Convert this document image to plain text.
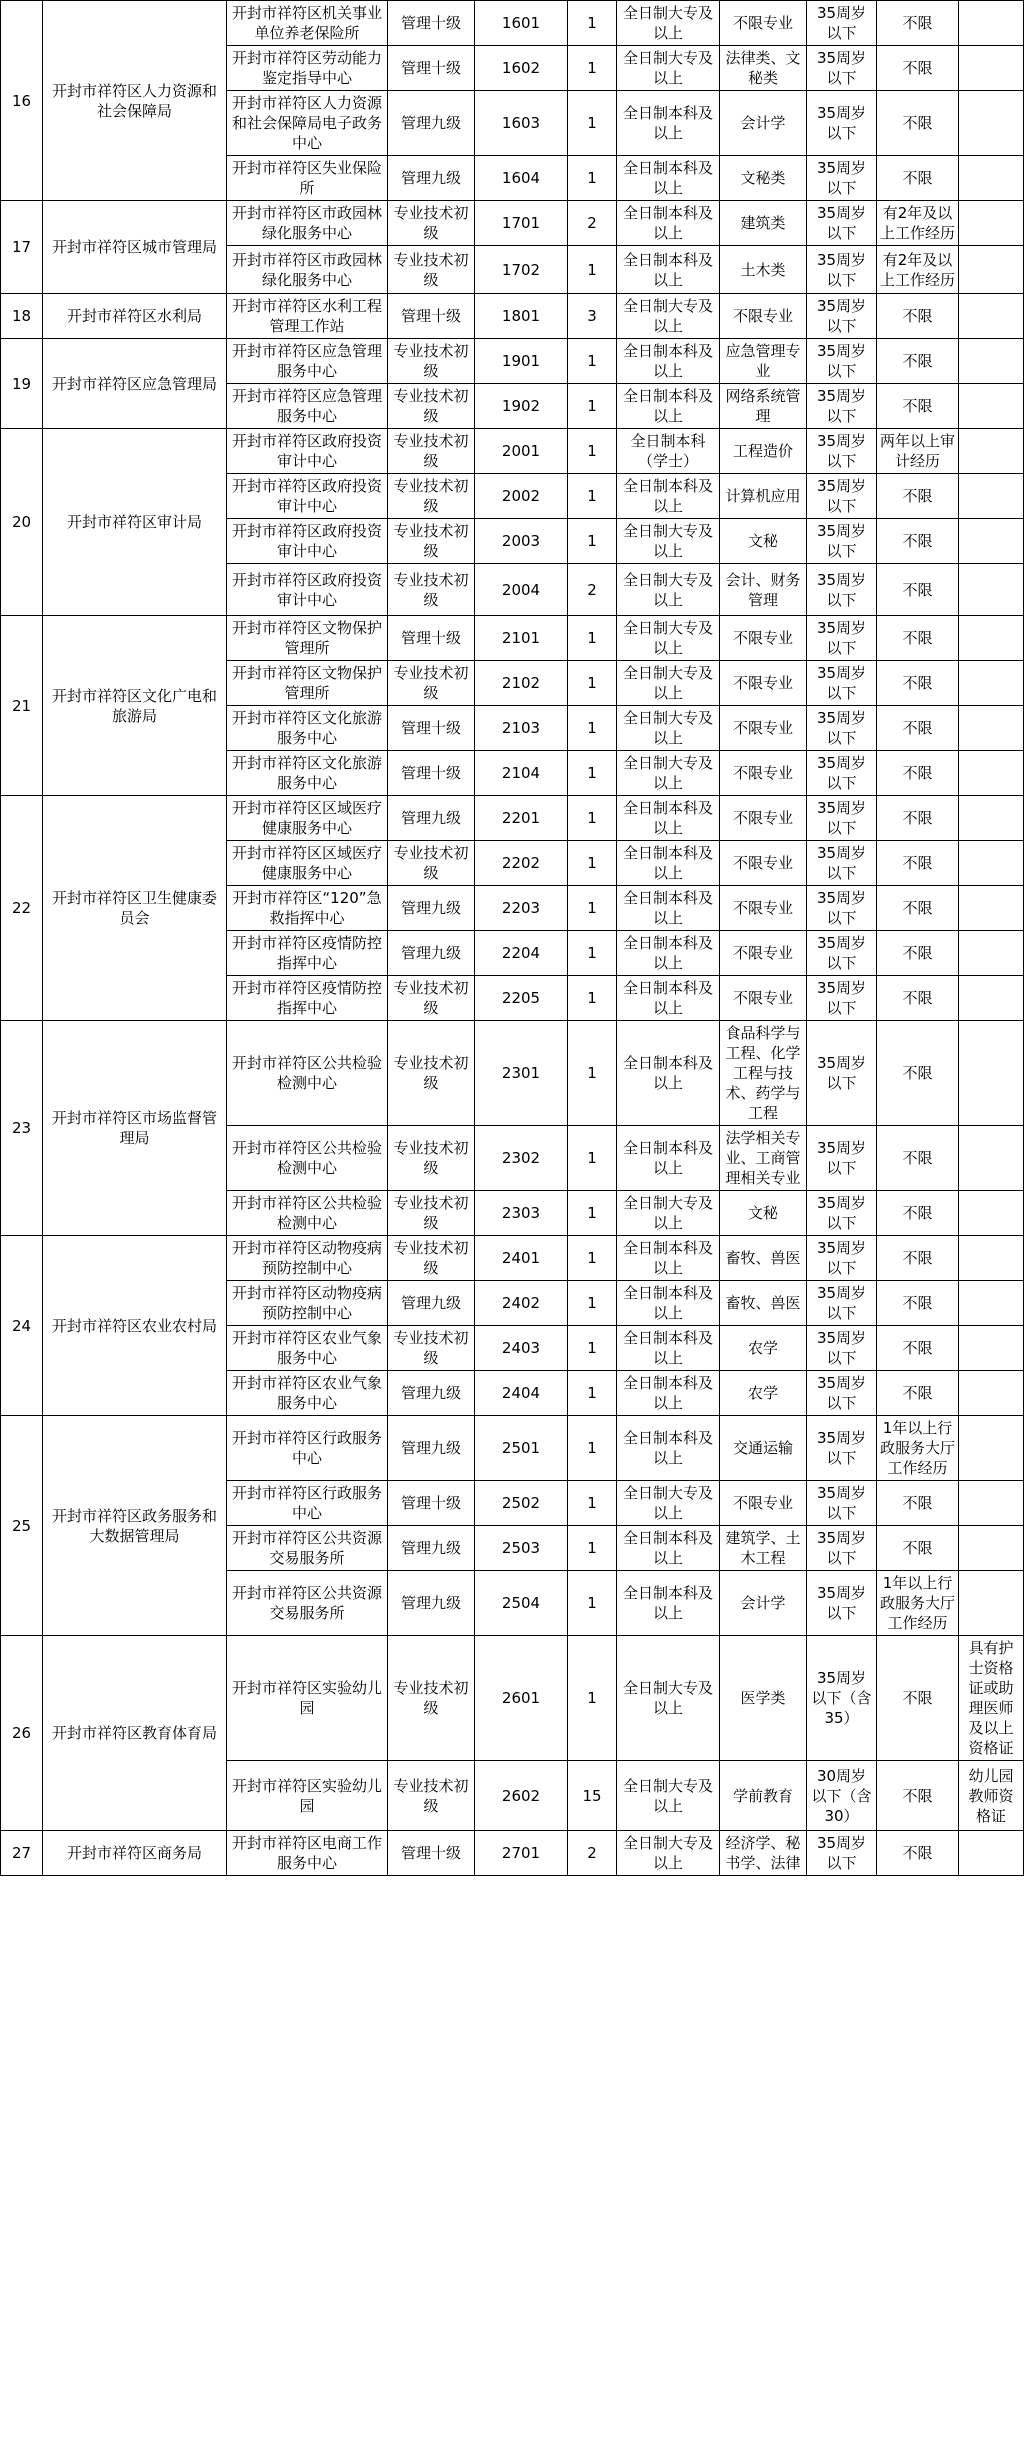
16	开封市祥符区人力资源和社会保障局	开封市祥符区机关事业单位养老保险所	管理十级	1601	1	全日制大专及以上	不限专业	35周岁以下	不限	
		开封市祥符区劳动能力鉴定指导中心	管理十级	1602	1	全日制大专及以上	法律类、文秘类	35周岁以下	不限	
		开封市祥符区人力资源和社会保障局电子政务中心	管理九级	1603	1	全日制本科及以上	会计学	35周岁以下	不限	
		开封市祥符区失业保险所	管理九级	1604	1	全日制本科及以上	文秘类	35周岁以下	不限	
17	开封市祥符区城市管理局	开封市祥符区市政园林绿化服务中心	专业技术初级	1701	2	全日制本科及以上	建筑类	35周岁以下	有2年及以上工作经历	
		开封市祥符区市政园林绿化服务中心	专业技术初级	1702	1	全日制本科及以上	土木类	35周岁以下	有2年及以上工作经历	
18	开封市祥符区水利局	开封市祥符区水利工程管理工作站	管理十级	1801	3	全日制大专及以上	不限专业	35周岁以下	不限	
19	开封市祥符区应急管理局	开封市祥符区应急管理服务中心	专业技术初级	1901	1	全日制本科及以上	应急管理专业	35周岁以下	不限	
		开封市祥符区应急管理服务中心	专业技术初级	1902	1	全日制本科及以上	网络系统管理	35周岁以下	不限	
20	开封市祥符区审计局	开封市祥符区政府投资审计中心	专业技术初级	2001	1	全日制本科（学士）	工程造价	35周岁以下	两年以上审计经历	
		开封市祥符区政府投资审计中心	专业技术初级	2002	1	全日制本科及以上	计算机应用	35周岁以下	不限	
		开封市祥符区政府投资审计中心	专业技术初级	2003	1	全日制大专及以上	文秘	35周岁以下	不限	
		开封市祥符区政府投资审计中心	专业技术初级	2004	2	全日制大专及以上	会计、财务管理	35周岁以下	不限	
21	开封市祥符区文化广电和旅游局	开封市祥符区文物保护管理所	管理十级	2101	1	全日制大专及以上	不限专业	35周岁以下	不限	
		开封市祥符区文物保护管理所	专业技术初级	2102	1	全日制大专及以上	不限专业	35周岁以下	不限	
		开封市祥符区文化旅游服务中心	管理十级	2103	1	全日制大专及以上	不限专业	35周岁以下	不限	
		开封市祥符区文化旅游服务中心	管理十级	2104	1	全日制大专及以上	不限专业	35周岁以下	不限	
22	开封市祥符区卫生健康委员会	开封市祥符区区域医疗健康服务中心	管理九级	2201	1	全日制本科及以上	不限专业	35周岁以下	不限	
		开封市祥符区区域医疗健康服务中心	专业技术初级	2202	1	全日制本科及以上	不限专业	35周岁以下	不限	
		开封市祥符区“120”急救指挥中心	管理九级	2203	1	全日制本科及以上	不限专业	35周岁以下	不限	
		开封市祥符区疫情防控指挥中心	管理九级	2204	1	全日制本科及以上	不限专业	35周岁以下	不限	
		开封市祥符区疫情防控指挥中心	专业技术初级	2205	1	全日制本科及以上	不限专业	35周岁以下	不限	
23	开封市祥符区市场监督管理局	开封市祥符区公共检验检测中心	专业技术初级	2301	1	全日制本科及以上	食品科学与工程、化学工程与技术、药学与工程	35周岁以下	不限	
		开封市祥符区公共检验检测中心	专业技术初级	2302	1	全日制本科及以上	法学相关专业、工商管理相关专业	35周岁以下	不限	
		开封市祥符区公共检验检测中心	专业技术初级	2303	1	全日制大专及以上	文秘	35周岁以下	不限	
24	开封市祥符区农业农村局	开封市祥符区动物疫病预防控制中心	专业技术初级	2401	1	全日制本科及以上	畜牧、兽医	35周岁以下	不限	
		开封市祥符区动物疫病预防控制中心	管理九级	2402	1	全日制本科及以上	畜牧、兽医	35周岁以下	不限	
		开封市祥符区农业气象服务中心	专业技术初级	2403	1	全日制本科及以上	农学	35周岁以下	不限	
		开封市祥符区农业气象服务中心	管理九级	2404	1	全日制本科及以上	农学	35周岁以下	不限	
25	开封市祥符区政务服务和大数据管理局	开封市祥符区行政服务中心	管理九级	2501	1	全日制本科及以上	交通运输	35周岁以下	1年以上行政服务大厅工作经历	
		开封市祥符区行政服务中心	管理十级	2502	1	全日制大专及以上	不限专业	35周岁以下	不限	
		开封市祥符区公共资源交易服务所	管理九级	2503	1	全日制本科及以上	建筑学、土木工程	35周岁以下	不限	
		开封市祥符区公共资源交易服务所	管理九级	2504	1	全日制本科及以上	会计学	35周岁以下	1年以上行政服务大厅工作经历	
26	开封市祥符区教育体育局	开封市祥符区实验幼儿园	专业技术初级	2601	1	全日制大专及以上	医学类	35周岁以下（含35）	不限	具有护士资格证或助理医师及以上资格证
		开封市祥符区实验幼儿园	专业技术初级	2602	15	全日制大专及以上	学前教育	30周岁以下（含30）	不限	幼儿园教师资格证
27	开封市祥符区商务局	开封市祥符区电商工作服务中心	管理十级	2701	2	全日制大专及以上	经济学、秘书学、法律	35周岁以下	不限	
